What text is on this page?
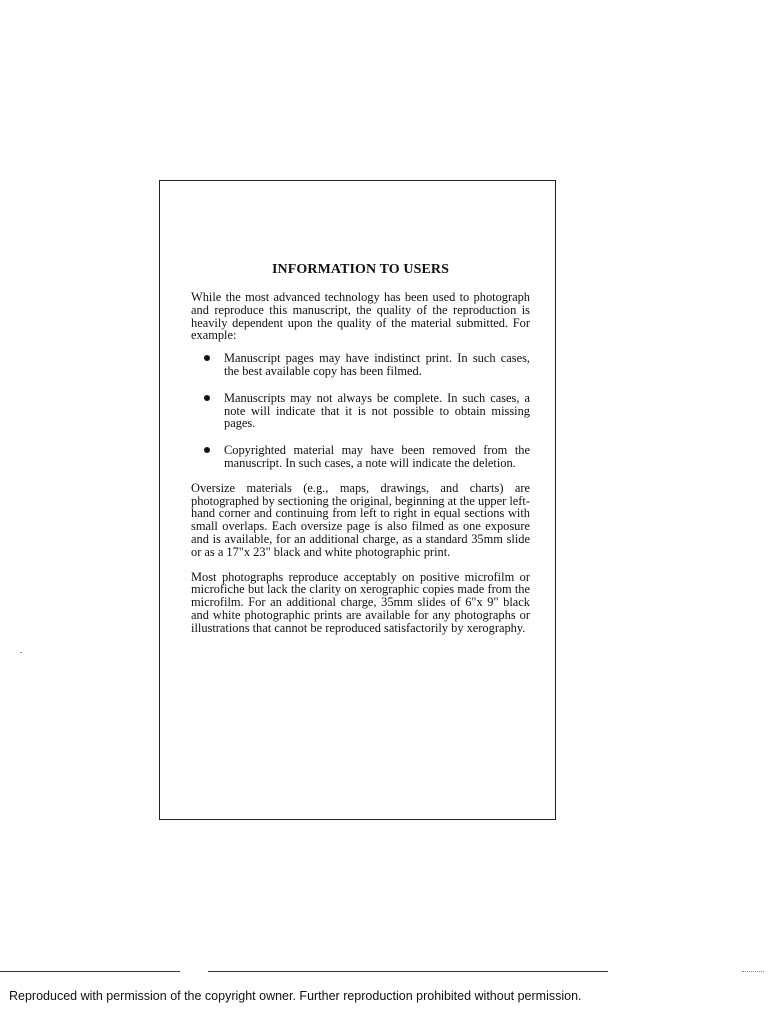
INFORMATION TO USERS

While the most advanced technology has been used to photograph and reproduce this manuscript, the quality of the reproduction is heavily dependent upon the quality of the material submitted. For example:

Manuscript pages may have indistinct print. In such cases, the best available copy has been filmed.
Manuscripts may not always be complete. In such cases, a note will indicate that it is not possible to obtain missing pages.
Copyrighted material may have been removed from the manuscript. In such cases, a note will indicate the deletion.

Oversize materials (e.g., maps, drawings, and charts) are photographed by sectioning the original, beginning at the upper left-hand corner and continuing from left to right in equal sections with small overlaps. Each oversize page is also filmed as one exposure and is available, for an additional charge, as a standard 35mm slide or as a 17"x 23" black and white photographic print.

Most photographs reproduce acceptably on positive microfilm or microfiche but lack the clarity on xerographic copies made from the microfilm. For an additional charge, 35mm slides of 6"x 9" black and white photographic prints are available for any photographs or illustrations that cannot be reproduced satisfactorily by xerography.

Reproduced with permission of the copyright owner. Further reproduction prohibited without permission.
